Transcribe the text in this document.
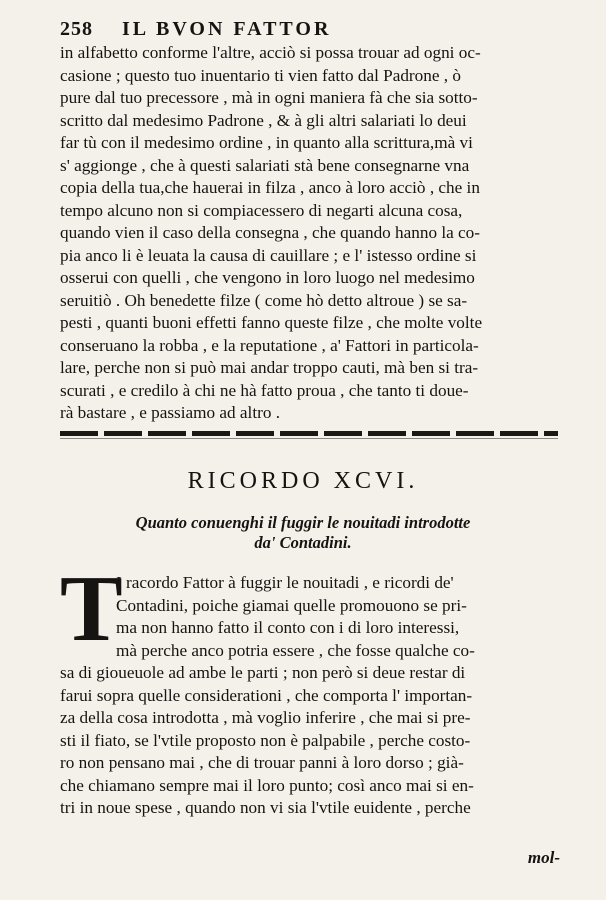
258 IL BVON FATTOR
in alfabetto conforme l'altre, acciò si possa trouar ad ogni oc-
casione ; questo tuo inuentario ti vien fatto dal Padrone , ò
pure dal tuo precessore , mà in ogni maniera fà che sia sotto-
scritto dal medesimo Padrone , & à gli altri salariati lo deui
far tù con il medesimo ordine , in quanto alla scrittura,mà vi
s' aggionge , che à questi salariati stà bene consegnarne vna
copia della tua,che hauerai in filza , anco à loro acciò , che in
tempo alcuno non si compiacessero di negarti alcuna cosa,
quando vien il caso della consegna , che quando hanno la co-
pia anco li è leuata la causa di cauillare ; e l' istesso ordine si
osserui con quelli , che vengono in loro luogo nel medesimo
seruitiò . Oh benedette filze ( come hò detto altroue ) se sa-
pesti , quanti buoni effetti fanno queste filze , che molte volte
conseruano la robba , e la reputatione , a' Fattori in particola-
lare, perche non si può mai andar troppo cauti, mà ben si tra-
scurati , e credilo à chi ne hà fatto proua , che tanto ti doue-
rà bastare , e passiamo ad altro .
RICORDO XCVI.
Quanto conuenghi il fuggir le nouitadi introdotte
da' Contadini.
T
I racordo Fattor à fuggir le nouitadi , e ricordi de'
Contadini, poiche giamai quelle promouono se pri-
ma non hanno fatto il conto con i di loro interessi,
mà perche anco potria essere , che fosse qualche co-
sa di gioueuole ad ambe le parti ; non però si deue restar di
farui sopra quelle considerationi , che comporta l' importan-
za della cosa introdotta , mà voglio inferire , che mai si pre-
sti il fiato, se l'vtile proposto non è palpabile , perche costo-
ro non pensano mai , che di trouar panni à loro dorso ; già-
che chiamano sempre mai il loro punto; così anco mai si en-
tri in noue spese , quando non vi sia l'vtile euidente , perche
mol-
